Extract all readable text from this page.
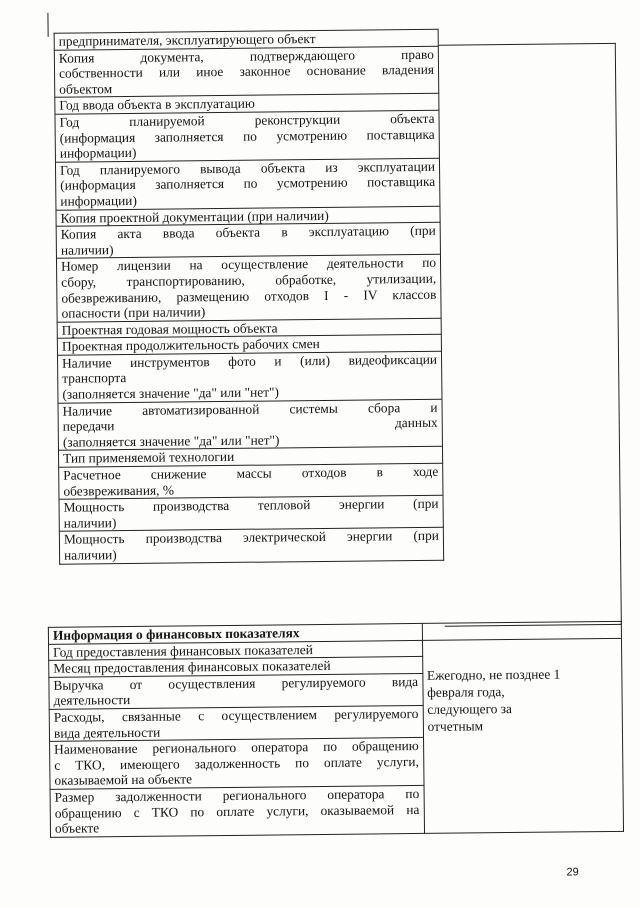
предпринимателя, эксплуатирующего объект

Копия документа, подтверждающего право
собственности или иное законное основание владения
объектом

Год ввода объекта в эксплуатацию

Год планируемой реконструкции объекта
(информация заполняется по усмотрению поставщика
информации)

Год планируемого вывода объекта из эксплуатации
(информация заполняется по усмотрению поставщика
информации)

Копия проектной документации (при наличии)

Копия акта ввода объекта в эксплуатацию (при
наличии)

Номер лицензии на осуществление деятельности по
сбору, транспортированию, обработке, утилизации,
обезвреживанию, размещению отходов I - IV классов
опасности (при наличии)

Проектная годовая мощность объекта

Проектная продолжительность рабочих смен

Наличие инструментов фото и (или) видеофиксации
транспорта
(заполняется значение "да" или "нет")

Наличие автоматизированной системы сбора и
передачи данных
(заполняется значение "да" или "нет")

Тип применяемой технологии

Расчетное снижение массы отходов в ходе
обезвреживания, %

Мощность производства тепловой энергии (при
наличии)

Мощность производства электрической энергии (при
наличии)
Информация о финансовых показателях	

Год предоставления финансовых показателей	Ежегодно, не позднее 1
февраля года,
следующего за
отчетным

Месяц предоставления финансовых показателей	

Выручка от осуществления регулируемого вида
деятельности	

Расходы, связанные с осуществлением регулируемого
вида деятельности	

Наименование регионального оператора по обращению
с ТКО, имеющего задолженность по оплате услуги,
оказываемой на объекте	

Размер задолженности регионального оператора по
обращению с ТКО по оплате услуги, оказываемой на
объекте	
29
